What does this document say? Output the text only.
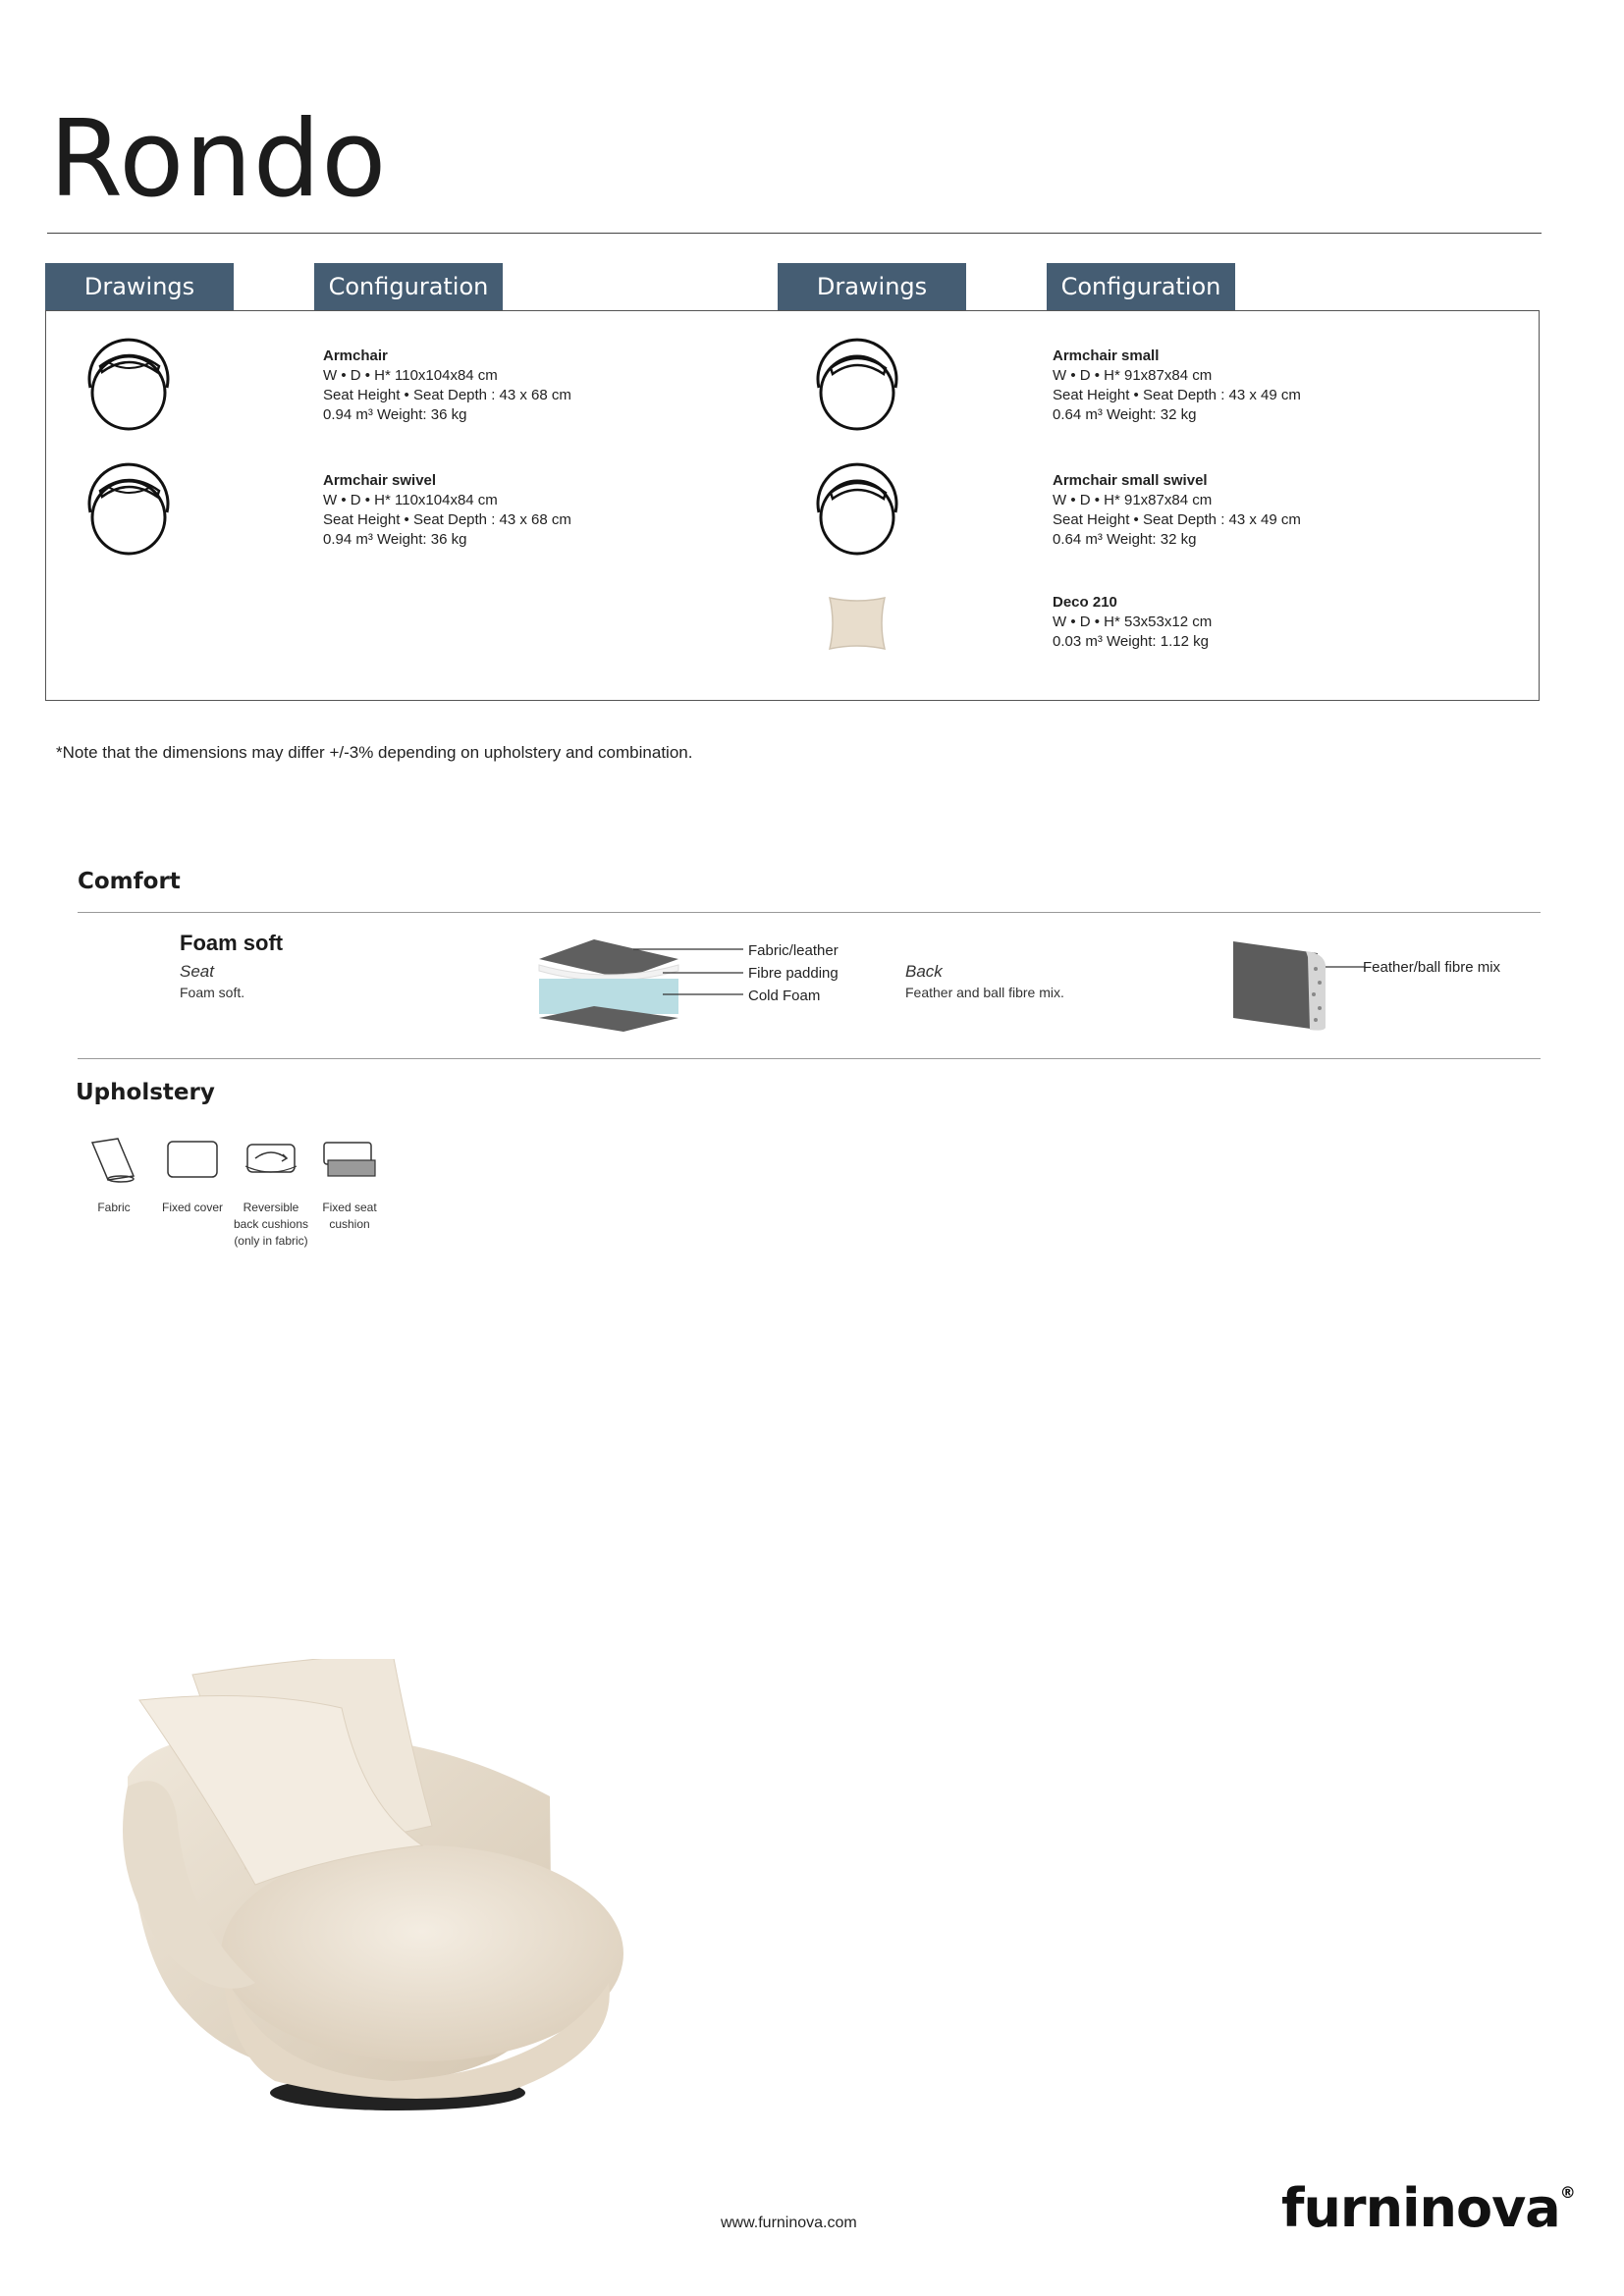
Rondo
Drawings	Configuration	Drawings	Configuration
Armchair
W • D • H* 110x104x84 cm
Seat Height • Seat Depth : 43 x 68 cm
0.94 m³ Weight: 36 kg
Armchair swivel
W • D • H* 110x104x84 cm
Seat Height • Seat Depth : 43 x 68 cm
0.94 m³ Weight: 36 kg
Armchair small
W • D • H* 91x87x84 cm
Seat Height • Seat Depth : 43 x 49 cm
0.64 m³ Weight: 32 kg
Armchair small swivel
W • D • H* 91x87x84 cm
Seat Height • Seat Depth : 43 x 49 cm
0.64 m³ Weight: 32 kg
Deco 210
W • D • H* 53x53x12 cm
0.03 m³ Weight: 1.12 kg
*Note that the dimensions may differ +/-3% depending on upholstery and combination.
Comfort
Foam soft
Seat
Foam soft.
Fabric/leather
Fibre padding
Cold Foam
Back
Feather and ball fibre mix.
Feather/ball fibre mix
Upholstery
Fabric	Fixed cover	Reversible back cushions (only in fabric)
Fixed seat cushion
www.furninova.com	furninova®
